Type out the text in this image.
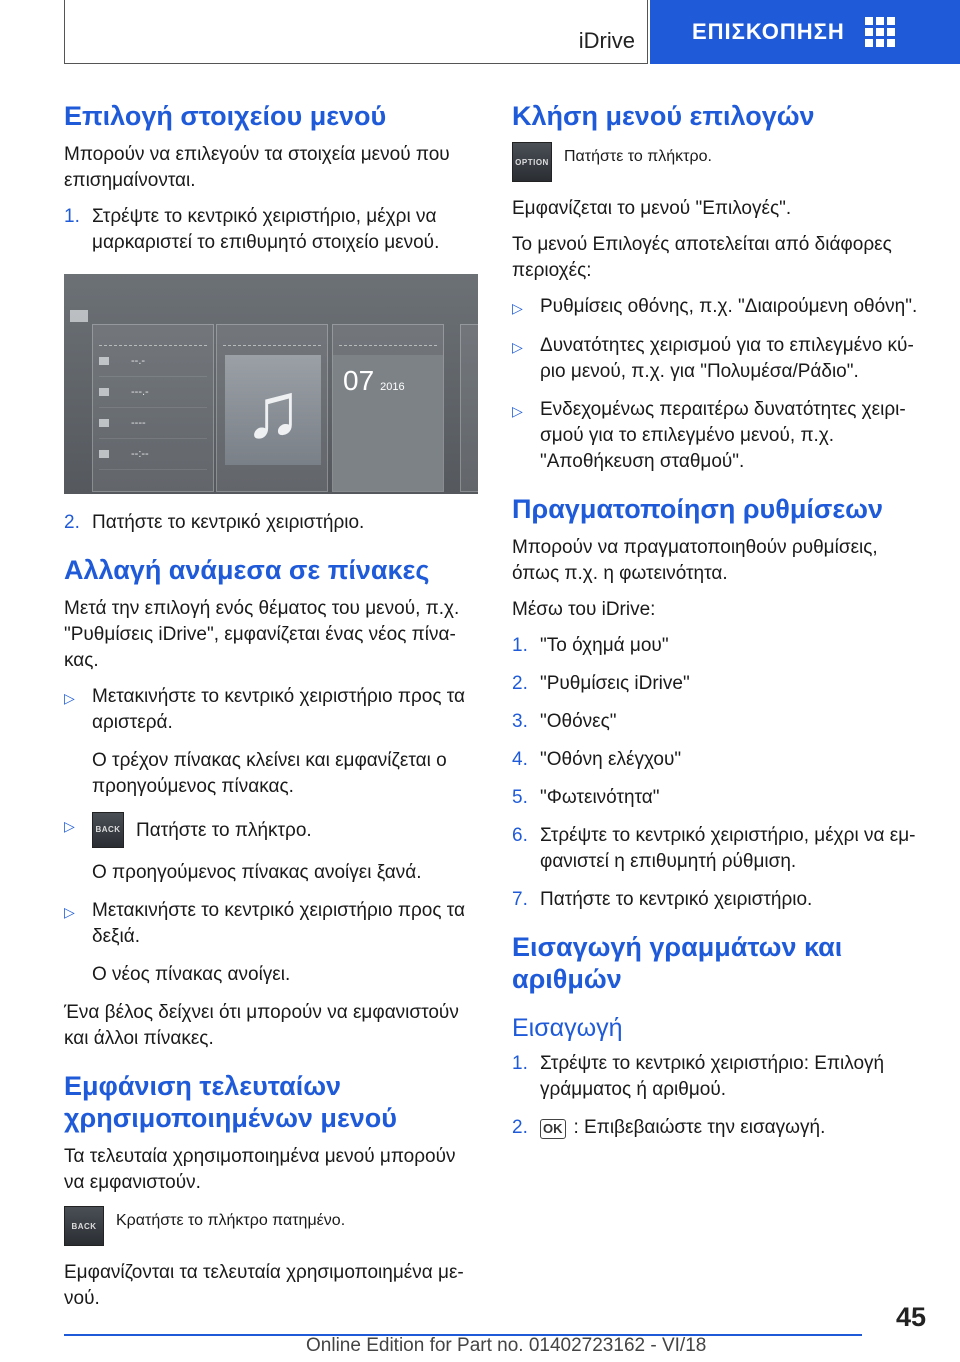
iDrive	ΕΠΙΣΚΟΠΗΣΗ
Επιλογή στοιχείου μενού

Μπορούν να επιλεγούν τα στοιχεία μενού που επισημαίνονται.

1. Στρέψτε το κεντρικό χειριστήριο, μέχρι να μαρκαριστεί το επιθυμητό στοιχείο μενού.
--.-
---.-
----
--:--
♫	07 2016
2. Πατήστε το κεντρικό χειριστήριο.
Αλλαγή ανάμεσα σε πίνακες

Μετά την επιλογή ενός θέματος του μενού, π.χ. "Ρυθμίσεις iDrive", εμφανίζεται ένας νέος πίνα‐κας.

▷ Μετακινήστε το κεντρικό χειριστήριο προς τα αριστερά.

Ο τρέχον πίνακας κλείνει και εμφανίζεται ο προηγούμενος πίνακας.

▷	BACK Πατήστε το πλήκτρο.

Ο προηγούμενος πίνακας ανοίγει ξανά.

▷ Μετακινήστε το κεντρικό χειριστήριο προς τα δεξιά.

Ο νέος πίνακας ανοίγει.

Ένα βέλος δείχνει ότι μπορούν να εμφανιστούν και άλλοι πίνακες.

Εμφάνιση τελευταίων χρησιμοποιημένων μενού

Τα τελευταία χρησιμοποιημένα μενού μπορούν να εμφανιστούν.

BACK	Κρατήστε το πλήκτρο πατημένο.

Εμφανίζονται τα τελευταία χρησιμοποιημένα με‐νού.

Κλήση μενού επιλογών
OPTION Πατήστε το πλήκτρο.

Εμφανίζεται το μενού "Επιλογές".

Το μενού Επιλογές αποτελείται από διάφορες περιοχές:

▷ Ρυθμίσεις οθόνης, π.χ. "Διαιρούμενη οθόνη".
▷ Δυνατότητες χειρισμού για το επιλεγμένο κύ‐ριο μενού, π.χ. για "Πολυμέσα/Ράδιο".
▷ Ενδεχομένως περαιτέρω δυνατότητες χειρι‐σμού για το επιλεγμένο μενού, π.χ. "Αποθήκευση σταθμού".
Πραγματοποίηση ρυθμίσεων

Μπορούν να πραγματοποιηθούν ρυθμίσεις, όπως π.χ. η φωτεινότητα.

Μέσω του iDrive:

1. "Το όχημά μου"
2. "Ρυθμίσεις iDrive"
3. "Οθόνες"
4. "Οθόνη ελέγχου"
5. "Φωτεινότητα"
6. Στρέψτε το κεντρικό χειριστήριο, μέχρι να εμ‐φανιστεί η επιθυμητή ρύθμιση.
7. Πατήστε το κεντρικό χειριστήριο.
Εισαγωγή γραμμάτων και αριθμών
Εισαγωγή
1. Στρέψτε το κεντρικό χειριστήριο: Επιλογή γράμματος ή αριθμού.
2.	OK : Επιβεβαιώστε την εισαγωγή.
45
Online Edition for Part no. 01402723162 - VI/18
